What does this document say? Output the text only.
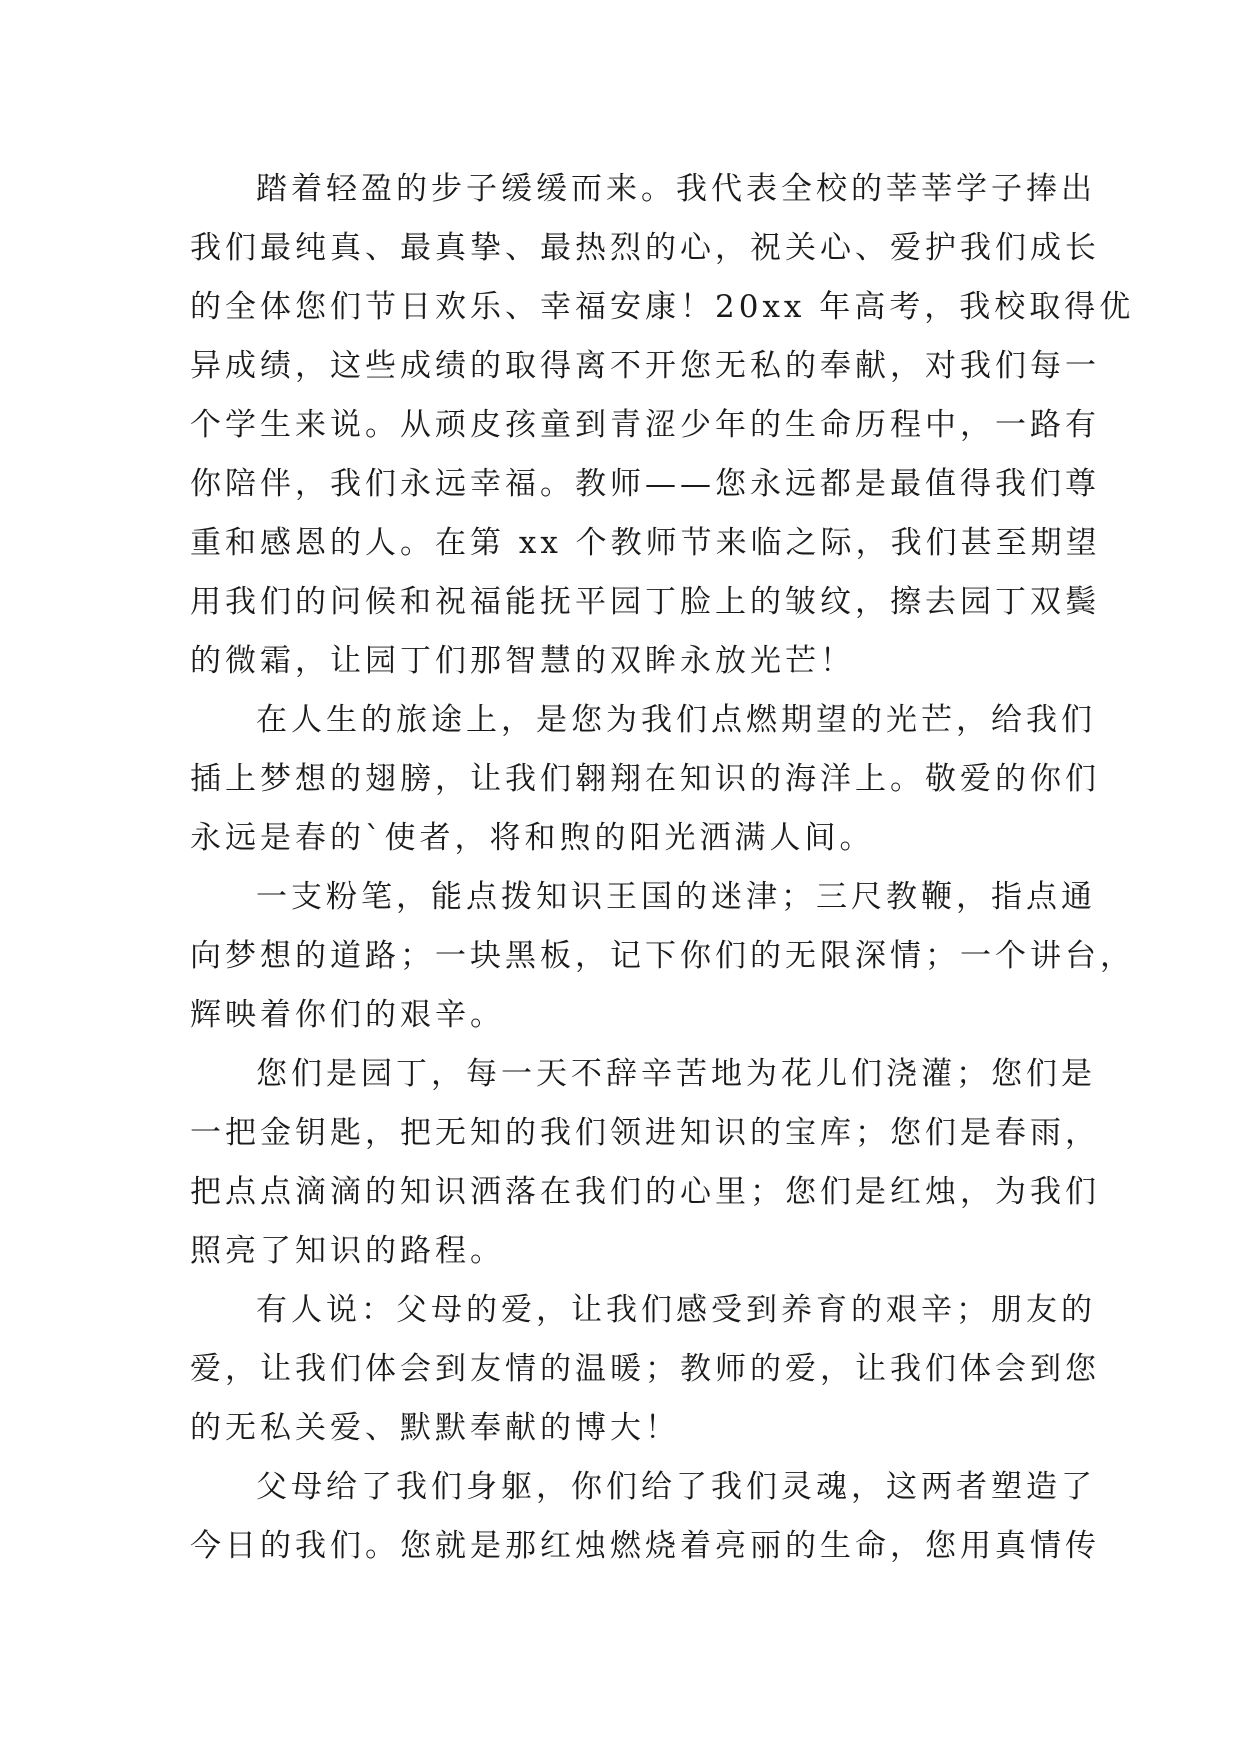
踏着轻盈的步子缓缓而来。我代表全校的莘莘学子捧出
我们最纯真、最真挚、最热烈的心，祝关心、爱护我们成长
的全体您们节日欢乐、幸福安康！20xx 年高考，我校取得优
异成绩，这些成绩的取得离不开您无私的奉献，对我们每一
个学生来说。从顽皮孩童到青涩少年的生命历程中，一路有
你陪伴，我们永远幸福。教师——您永远都是最值得我们尊
重和感恩的人。在第 xx 个教师节来临之际，我们甚至期望
用我们的问候和祝福能抚平园丁脸上的皱纹，擦去园丁双鬓
的微霜，让园丁们那智慧的双眸永放光芒！
在人生的旅途上，是您为我们点燃期望的光芒，给我们
插上梦想的翅膀，让我们翱翔在知识的海洋上。敬爱的你们
永远是春的`使者，将和煦的阳光洒满人间。
一支粉笔，能点拨知识王国的迷津；三尺教鞭，指点通
向梦想的道路；一块黑板，记下你们的无限深情；一个讲台，
辉映着你们的艰辛。
您们是园丁，每一天不辞辛苦地为花儿们浇灌；您们是
一把金钥匙，把无知的我们领进知识的宝库；您们是春雨，
把点点滴滴的知识洒落在我们的心里；您们是红烛，为我们
照亮了知识的路程。
有人说：父母的爱，让我们感受到养育的艰辛；朋友的
爱，让我们体会到友情的温暖；教师的爱，让我们体会到您
的无私关爱、默默奉献的博大！
父母给了我们身躯，你们给了我们灵魂，这两者塑造了
今日的我们。您就是那红烛燃烧着亮丽的生命，您用真情传
